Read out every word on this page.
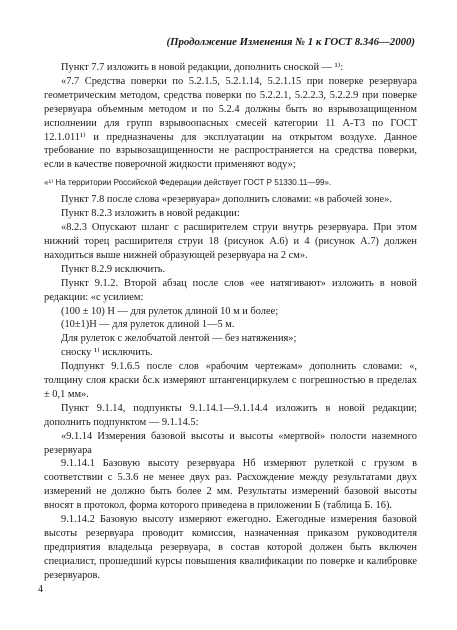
(Продолжение Изменения № 1 к ГОСТ 8.346—2000)

Пункт 7.7 изложить в новой редакции, дополнить сноской — ¹⁾:

«7.7 Средства поверки по 5.2.1.5, 5.2.1.14, 5.2.1.15 при поверке резервуара геометрическим методом, средства поверки по 5.2.2.1, 5.2.2.3, 5.2.2.9 при поверке резервуара объемным методом и по 5.2.4 должны быть во взрывозащищенном исполнении для групп взрывоопасных смесей категории 11 А-Т3 по ГОСТ 12.1.011¹⁾ и предназначены для эксплуатации на открытом воздухе. Данное требование по взрывозащищенности не распространяется на средства поверки, если в качестве поверочной жидкости применяют воду»;

«¹⁾ На территории Российской Федерации действует ГОСТ Р 51330.11—99».

Пункт 7.8 после слова «резервуара» дополнить словами: «в рабочей зоне».

Пункт 8.2.3 изложить в новой редакции:

«8.2.3 Опускают шланг с расширителем струи внутрь резервуара. При этом нижний торец расширителя струи 18 (рисунок А.6) и 4 (рисунок А.7) должен находиться выше нижней образующей резервуара на 2 см».

Пункт 8.2.9 исключить.

Пункт 9.1.2. Второй абзац после слов «ее натягивают» изложить в новой редакции: «с усилием:

(100 ± 10) Н — для рулеток длиной 10 м и более;

(10±1)Н — для рулеток длиной 1—5 м.

Для рулеток с желобчатой лентой — без натяжения»;

сноску ¹⁾ исключить.

Подпункт 9.1.6.5 после слов «рабочим чертежам» дополнить словами: «, толщину слоя краски δс.к измеряют штангенциркулем с погрешностью в пределах ± 0,1 мм».

Пункт 9.1.14, подпункты 9.1.14.1—9.1.14.4 изложить в новой редакции; дополнить подпунктом — 9.1.14.5:

«9.1.14 Измерения базовой высоты и высоты «мертвой» полости наземного резервуара

9.1.14.1 Базовую высоту резервуара Нб измеряют рулеткой с грузом в соответствии с 5.3.6 не менее двух раз. Расхождение между результатами двух измерений не должно быть более 2 мм. Результаты измерений базовой высоты вносят в протокол, форма которого приведена в приложении Б (таблица Б. 16).

9.1.14.2 Базовую высоту измеряют ежегодно. Ежегодные измерения базовой высоты резервуара проводит комиссия, назначенная приказом руководителя предприятия владельца резервуара, в состав которой должен быть включен специалист, прошедший курсы повышения квалификации по поверке и калибровке резервуаров.

4
